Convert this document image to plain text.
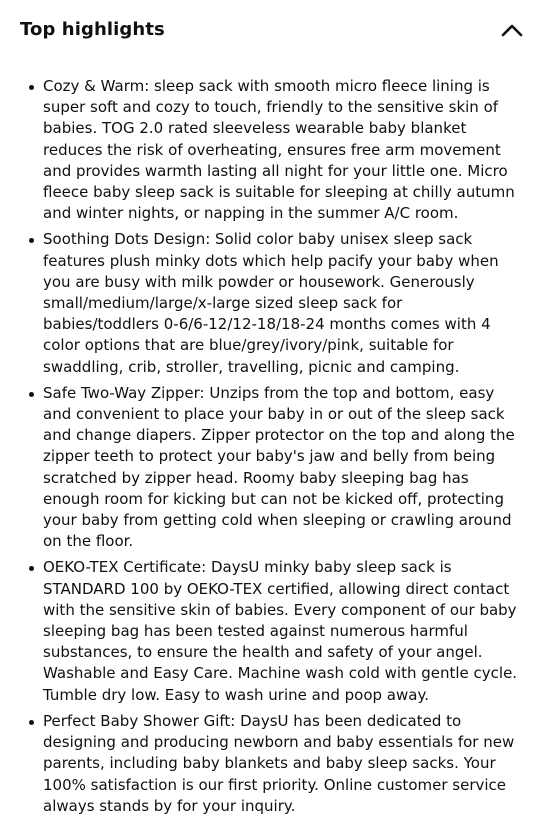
Top highlights
Cozy & Warm: sleep sack with smooth micro fleece lining is super soft and cozy to touch, friendly to the sensitive skin of babies. TOG 2.0 rated sleeveless wearable baby blanket reduces the risk of overheating, ensures free arm movement and provides warmth lasting all night for your little one. Micro fleece baby sleep sack is suitable for sleeping at chilly autumn and winter nights, or napping in the summer A/C room.
Soothing Dots Design: Solid color baby unisex sleep sack features plush minky dots which help pacify your baby when you are busy with milk powder or housework. Generously small/medium/large/x-large sized sleep sack for babies/toddlers 0-6/6-12/12-18/18-24 months comes with 4 color options that are blue/grey/ivory/pink, suitable for swaddling, crib, stroller, travelling, picnic and camping.
Safe Two-Way Zipper: Unzips from the top and bottom, easy and convenient to place your baby in or out of the sleep sack and change diapers. Zipper protector on the top and along the zipper teeth to protect your baby's jaw and belly from being scratched by zipper head. Roomy baby sleeping bag has enough room for kicking but can not be kicked off, protecting your baby from getting cold when sleeping or crawling around on the floor.
OEKO-TEX Certificate: DaysU minky baby sleep sack is STANDARD 100 by OEKO-TEX certified, allowing direct contact with the sensitive skin of babies. Every component of our baby sleeping bag has been tested against numerous harmful substances, to ensure the health and safety of your angel. Washable and Easy Care. Machine wash cold with gentle cycle. Tumble dry low. Easy to wash urine and poop away.
Perfect Baby Shower Gift: DaysU has been dedicated to designing and producing newborn and baby essentials for new parents, including baby blankets and baby sleep sacks. Your 100% satisfaction is our first priority. Online customer service always stands by for your inquiry.
